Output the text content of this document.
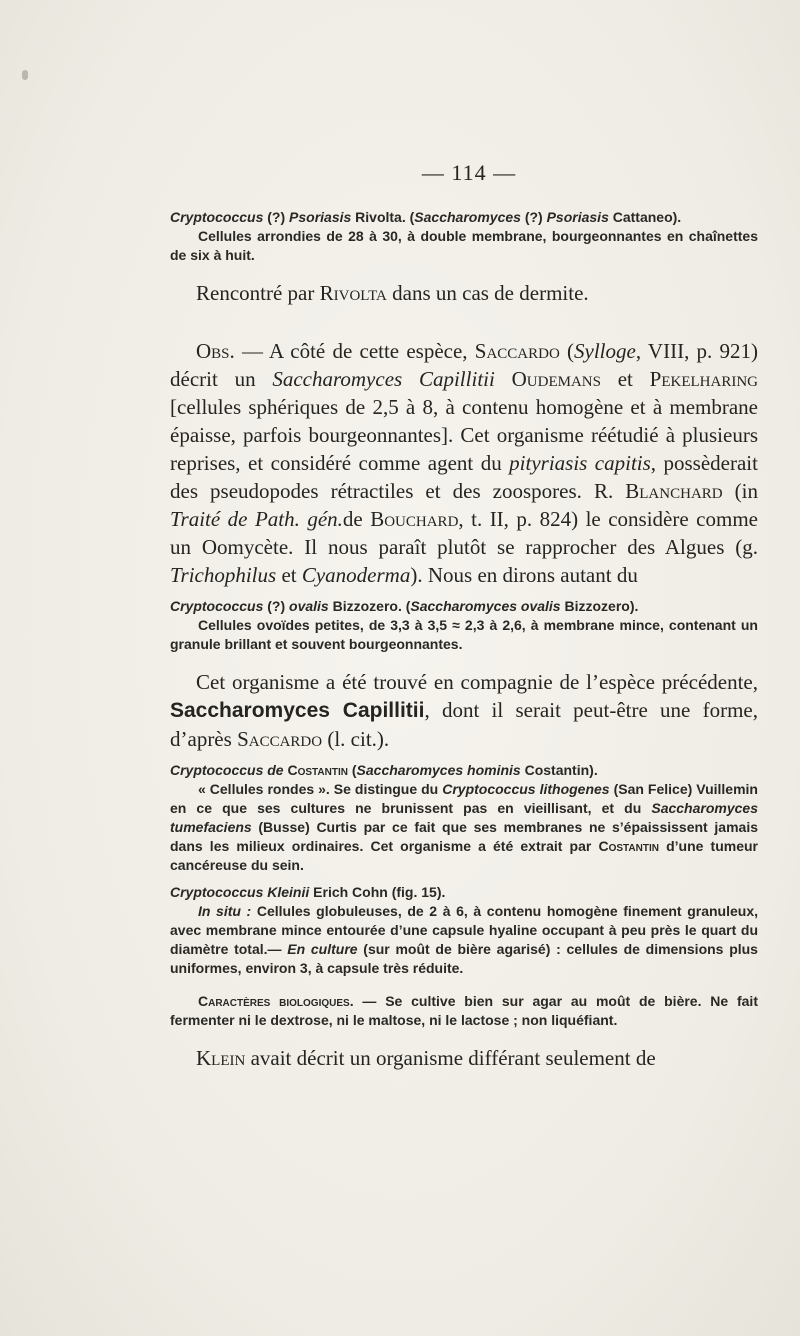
— 114 —

Cryptococcus (?) Psoriasis Rivolta. (Saccharomyces (?) Psoriasis Cattaneo).

Cellules arrondies de 28 à 30, à double membrane, bourgeonnantes en chaînettes de six à huit.

Rencontré par Rivolta dans un cas de dermite.

Obs. — A côté de cette espèce, Saccardo (Sylloge, VIII, p. 921) décrit un Saccharomyces Capillitii Oudemans et Pekelharing [cellules sphériques de 2,5 à 8, à contenu homogène et à membrane épaisse, parfois bourgeonnantes]. Cet organisme réétudié à plusieurs reprises, et considéré comme agent du pityriasis capitis, possèderait des pseudopodes rétractiles et des zoospores. R. Blanchard (in Traité de Path. gén.de Bouchard, t. II, p. 824) le considère comme un Oomycète. Il nous paraît plutôt se rapprocher des Algues (g. Trichophilus et Cyanoderma). Nous en dirons autant du

Cryptococcus (?) ovalis Bizzozero. (Saccharomyces ovalis Bizzozero).

Cellules ovoïdes petites, de 3,3 à 3,5 ≈ 2,3 à 2,6, à membrane mince, contenant un granule brillant et souvent bourgeonnantes.

Cet organisme a été trouvé en compagnie de l’espèce précédente, Saccharomyces Capillitii, dont il serait peut-être une forme, d’après Saccardo (l. cit.).

Cryptococcus de Costantin (Saccharomyces hominis Costantin).

« Cellules rondes ». Se distingue du Cryptococcus lithogenes (San Felice) Vuillemin en ce que ses cultures ne brunissent pas en vieillisant, et du Saccharomyces tumefaciens (Busse) Curtis par ce fait que ses membranes ne s’épaississent jamais dans les milieux ordinaires. Cet organisme a été extrait par Costantin d’une tumeur cancéreuse du sein.

Cryptococcus Kleinii Erich Cohn (fig. 15).

In situ : Cellules globuleuses, de 2 à 6, à contenu homogène finement granuleux, avec membrane mince entourée d’une capsule hyaline occupant à peu près le quart du diamètre total.— En culture (sur moût de bière agarisé) : cellules de dimensions plus uniformes, environ 3, à capsule très réduite.

Caractères biologiques. — Se cultive bien sur agar au moût de bière. Ne fait fermenter ni le dextrose, ni le maltose, ni le lactose ; non liquéfiant.

Klein avait décrit un organisme différant seulement de
